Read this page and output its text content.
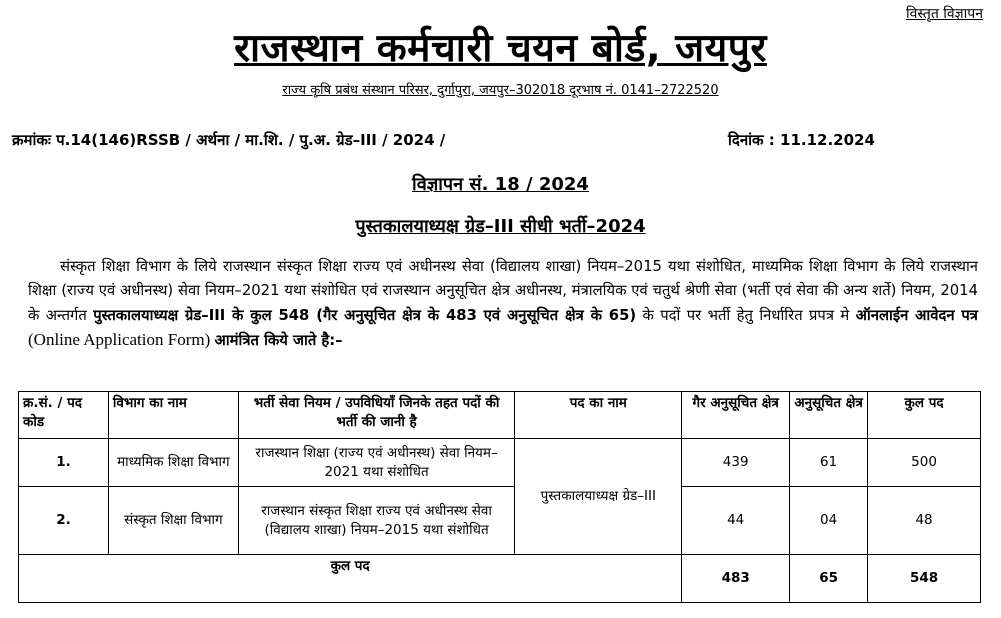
विस्तृत विज्ञापन
राजस्थान कर्मचारी चयन बोर्ड, जयपुर
राज्य कृषि प्रबंध संस्थान परिसर, दुर्गापुरा, जयपुर–302018 दूरभाष नं. 0141–2722520
क्रमांकः प.14(146)RSSB / अर्थना / मा.शि. / पु.अ. ग्रेड–III / 2024 /	दिनांक : 11.12.2024
विज्ञापन सं. 18 / 2024
पुस्तकालयाध्यक्ष ग्रेड–III सीधी भर्ती–2024
संस्कृत शिक्षा विभाग के लिये राजस्थान संस्कृत शिक्षा राज्य एवं अधीनस्थ सेवा (विद्यालय शाखा) नियम–2015 यथा संशोधित, माध्यमिक शिक्षा विभाग के लिये राजस्थान शिक्षा (राज्य एवं अधीनस्थ) सेवा नियम–2021 यथा संशोधित एवं राजस्थान अनुसूचित क्षेत्र अधीनस्थ, मंत्रालयिक एवं चतुर्थ श्रेणी सेवा (भर्ती एवं सेवा की अन्य शर्ते) नियम, 2014 के अन्तर्गत पुस्तकालयाध्यक्ष ग्रेड–III के कुल 548 (गैर अनुसूचित क्षेत्र के 483 एवं अनुसूचित क्षेत्र के 65) के पदों पर भर्ती हेतु निर्धारित प्रपत्र मे ऑनलाईन आवेदन पत्र (Online Application Form) आमंत्रित किये जाते है:–
क्र.सं. / पद कोड	विभाग का नाम	भर्ती सेवा नियम / उपविधियॉं जिनके तहत पदों की भर्ती की जानी है	पद का नाम	गैर अनुसूचित क्षेत्र	अनुसूचित क्षेत्र	कुल पद
1.	माध्यमिक शिक्षा विभाग	राजस्थान शिक्षा (राज्य एवं अधीनस्थ) सेवा नियम–2021 यथा संशोधित	पुस्तकालयाध्यक्ष ग्रेड–III	439	61	500
2.	संस्कृत शिक्षा विभाग	राजस्थान संस्कृत शिक्षा राज्य एवं अधीनस्थ सेवा (विद्यालय शाखा) नियम–2015 यथा संशोधित		44	04	48
कुल पद				483	65	548
